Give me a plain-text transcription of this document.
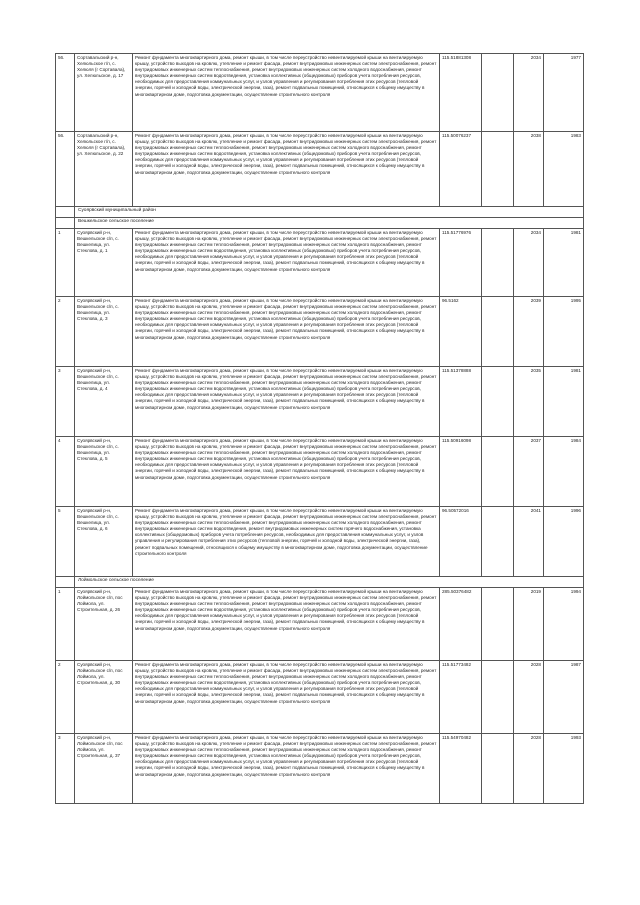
56.	Сортавальский р-н, Хелюльское г/п, с. Хелюля (г Сортавала), ул. Хелюльское, д. 17	Ремонт фундамента многоквартирного дома, ремонт крыши, в том числе переустройство невентилируемой крыши на вентилируемую крышу, устройство выходов на кровлю, утепление и ремонт фасада, ремонт внутридомовых инженерных систем электроснабжения, ремонт внутридомовых инженерных систем теплоснабжения, ремонт внутридомовых инженерных систем холодного водоснабжения, ремонт внутридомовых инженерных систем водоотведения, установка коллективных (общедомовых) приборов учета потребления ресурсов, необходимых для предоставления коммунальных услуг, и узлов управления и регулирования потребления этих ресурсов (тепловой энергии, горячей и холодной воды, электрической энергии, газа), ремонт подвальных помещений, относящихся к общему имуществу в многоквартирном доме, подготовка документации, осуществление строительного контроля	115.51881308		2034	1977
56.	Сортавальский р-н, Хелюльское г/п, с. Хелюля (г Сортавала), ул. Хелюльское, д. 22	Ремонт фундамента многоквартирного дома, ремонт крыши, в том числе переустройство невентилируемой крыши на вентилируемую крышу, устройство выходов на кровлю, утепление и ремонт фасада, ремонт внутридомовых инженерных систем электроснабжения, ремонт внутридомовых инженерных систем теплоснабжения, ремонт внутридомовых инженерных систем холодного водоснабжения, ремонт внутридомовых инженерных систем водоотведения, установка коллективных (общедомовых) приборов учета потребления ресурсов, необходимых для предоставления коммунальных услуг, и узлов управления и регулирования потребления этих ресурсов (тепловой энергии, горячей и холодной воды, электрической энергии, газа), ремонт подвальных помещений, относящихся к общему имуществу в многоквартирном доме, подготовка документации, осуществление строительного контроля	115.50076237		2038	1983
	Суоярвский муниципальный район					
	Вешкельское сельское поселение					
1	Суоярвский р-н, Вешкельское с/п, с. Вешкелица, ул. Стеклова, д. 1	Ремонт фундамента многоквартирного дома, ремонт крыши, в том числе переустройство невентилируемой крыши на вентилируемую крышу, устройство выходов на кровлю, утепление и ремонт фасада, ремонт внутридомовых инженерных систем электроснабжения, ремонт внутридомовых инженерных систем теплоснабжения, ремонт внутридомовых инженерных систем холодного водоснабжения, ремонт внутридомовых инженерных систем водоотведения, установка коллективных (общедомовых) приборов учета потребления ресурсов, необходимых для предоставления коммунальных услуг, и узлов управления и регулирования потребления этих ресурсов (тепловой энергии, горячей и холодной воды, электрической энергии, газа), ремонт подвальных помещений, относящихся к общему имуществу в многоквартирном доме, подготовка документации, осуществление строительного контроля	115.51776976		2034	1981
2	Суоярвский р-н, Вешкельское с/п, с. Вешкелица, ул. Стеклова, д. 3	Ремонт фундамента многоквартирного дома, ремонт крыши, в том числе переустройство невентилируемой крыши на вентилируемую крышу, устройство выходов на кровлю, утепление и ремонт фасада, ремонт внутридомовых инженерных систем электроснабжения, ремонт внутридомовых инженерных систем теплоснабжения, ремонт внутридомовых инженерных систем холодного водоснабжения, ремонт внутридомовых инженерных систем водоотведения, установка коллективных (общедомовых) приборов учета потребления ресурсов, необходимых для предоставления коммунальных услуг, и узлов управления и регулирования потребления этих ресурсов (тепловой энергии, горячей и холодной воды, электрической энергии, газа), ремонт подвальных помещений, относящихся к общему имуществу в многоквартирном доме, подготовка документации, осуществление строительного контроля	96.5162		2039	1995
3	Суоярвский р-н, Вешкельское с/п, с. Вешкелица, ул. Стеклова, д. 4	Ремонт фундамента многоквартирного дома, ремонт крыши, в том числе переустройство невентилируемой крыши на вентилируемую крышу, устройство выходов на кровлю, утепление и ремонт фасада, ремонт внутридомовых инженерных систем электроснабжения, ремонт внутридомовых инженерных систем теплоснабжения, ремонт внутридомовых инженерных систем холодного водоснабжения, ремонт внутридомовых инженерных систем водоотведения, установка коллективных (общедомовых) приборов учета потребления ресурсов, необходимых для предоставления коммунальных услуг, и узлов управления и регулирования потребления этих ресурсов (тепловой энергии, горячей и холодной воды, электрической энергии, газа), ремонт подвальных помещений, относящихся к общему имуществу в многоквартирном доме, подготовка документации, осуществление строительного контроля	115.51378888		2035	1981
4	Суоярвский р-н, Вешкельское с/п, с. Вешкелица, ул. Стеклова, д. 5	Ремонт фундамента многоквартирного дома, ремонт крыши, в том числе переустройство невентилируемой крыши на вентилируемую крышу, устройство выходов на кровлю, утепление и ремонт фасада, ремонт внутридомовых инженерных систем электроснабжения, ремонт внутридомовых инженерных систем теплоснабжения, ремонт внутридомовых инженерных систем холодного водоснабжения, ремонт внутридомовых инженерных систем водоотведения, установка коллективных (общедомовых) приборов учета потребления ресурсов, необходимых для предоставления коммунальных услуг, и узлов управления и регулирования потребления этих ресурсов (тепловой энергии, горячей и холодной воды, электрической энергии, газа), ремонт подвальных помещений, относящихся к общему имуществу в многоквартирном доме, подготовка документации, осуществление строительного контроля	115.50916098		2037	1984
5	Суоярвский р-н, Вешкельское с/п, с. Вешкелица, ул. Стеклова, д. 6	Ремонт фундамента многоквартирного дома, ремонт крыши, в том числе переустройство невентилируемой крыши на вентилируемую крышу, устройство выходов на кровлю, утепление и ремонт фасада, ремонт внутридомовых инженерных систем электроснабжения, ремонт внутридомовых инженерных систем теплоснабжения, ремонт внутридомовых инженерных систем холодного водоснабжения, ремонт внутридомовых инженерных систем водоотведения, ремонт внутридомовых инженерных систем горячего водоснабжения, установка коллективных (общедомовых) приборов учета потребления ресурсов, необходимых для предоставления коммунальных услуг, и узлов управления и регулирования потребления этих ресурсов (тепловой энергии, горячей и холодной воды, электрической энергии, газа), ремонт подвальных помещений, относящихся к общему имуществу в многоквартирном доме, подготовка документации, осуществление строительного контроля	96.50572016		2041	1996
	Лоймольское сельское поселение					
1	Суоярвский р-н, Лоймольское с/п, пос Лоймола, ул. Строительная, д. 26	Ремонт фундамента многоквартирного дома, ремонт крыши, в том числе переустройство невентилируемой крыши на вентилируемую крышу, устройство выходов на кровлю, утепление и ремонт фасада, ремонт внутридомовых инженерных систем электроснабжения, ремонт внутридомовых инженерных систем теплоснабжения, ремонт внутридомовых инженерных систем холодного водоснабжения, ремонт внутридомовых инженерных систем водоотведения, установка коллективных (общедомовых) приборов учета потребления ресурсов, необходимых для предоставления коммунальных услуг, и узлов управления и регулирования потребления этих ресурсов (тепловой энергии, горячей и холодной воды, электрической энергии, газа), ремонт подвальных помещений, относящихся к общему имуществу в многоквартирном доме, подготовка документации, осуществление строительного контроля	285.50376482		2019	1994
2	Суоярвский р-н, Лоймольское с/п, пос Лоймола, ул. Строительная, д. 30	Ремонт фундамента многоквартирного дома, ремонт крыши, в том числе переустройство невентилируемой крыши на вентилируемую крышу, устройство выходов на кровлю, утепление и ремонт фасада, ремонт внутридомовых инженерных систем электроснабжения, ремонт внутридомовых инженерных систем теплоснабжения, ремонт внутридомовых инженерных систем холодного водоснабжения, ремонт внутридомовых инженерных систем водоотведения, установка коллективных (общедомовых) приборов учета потребления ресурсов, необходимых для предоставления коммунальных услуг, и узлов управления и регулирования потребления этих ресурсов (тепловой энергии, горячей и холодной воды, электрической энергии, газа), ремонт подвальных помещений, относящихся к общему имуществу в многоквартирном доме, подготовка документации, осуществление строительного контроля	115.51773482		2028	1987
3	Суоярвский р-н, Лоймольское с/п, пос Лоймола, ул. Строительная, д. 37	Ремонт фундамента многоквартирного дома, ремонт крыши, в том числе переустройство невентилируемой крыши на вентилируемую крышу, устройство выходов на кровлю, утепление и ремонт фасада, ремонт внутридомовых инженерных систем электроснабжения, ремонт внутридомовых инженерных систем теплоснабжения, ремонт внутридомовых инженерных систем холодного водоснабжения, ремонт внутридомовых инженерных систем водоотведения, установка коллективных (общедомовых) приборов учета потребления ресурсов, необходимых для предоставления коммунальных услуг, и узлов управления и регулирования потребления этих ресурсов (тепловой энергии, горячей и холодной воды, электрической энергии, газа), ремонт подвальных помещений, относящихся к общему имуществу в многоквартирном доме, подготовка документации, осуществление строительного контроля	115.54970482		2028	1993
